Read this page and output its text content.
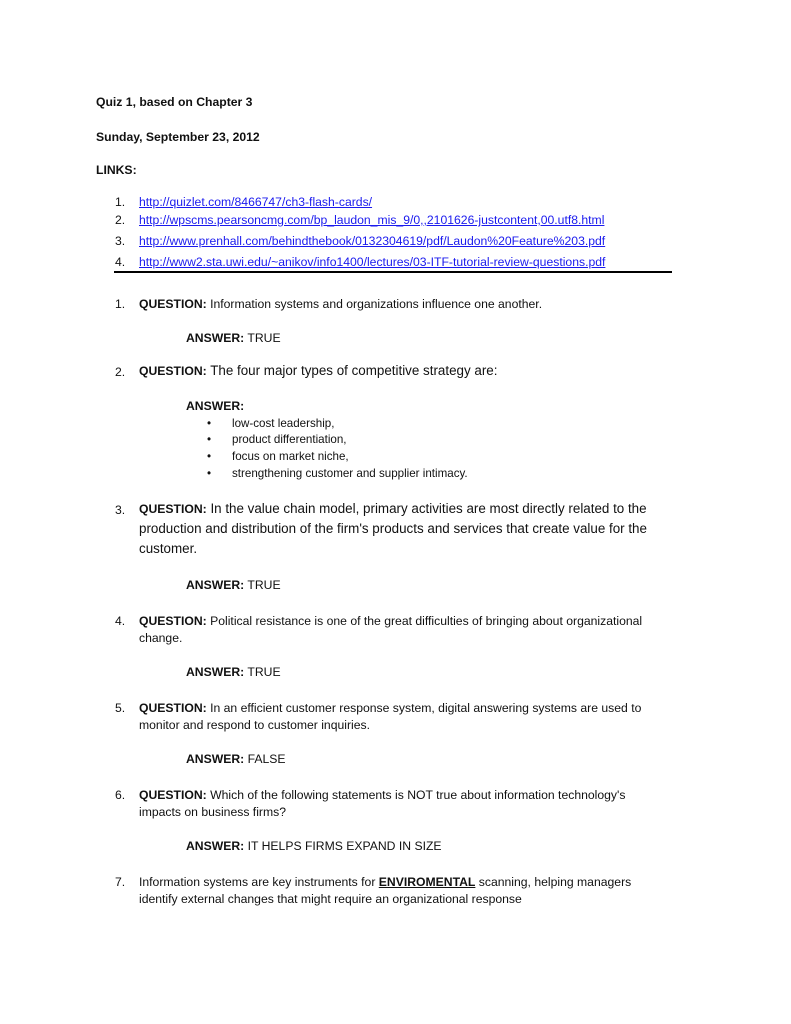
Quiz 1, based on Chapter 3
Sunday, September 23, 2012
LINKS:
1. http://quizlet.com/8466747/ch3-flash-cards/
2. http://wpscms.pearsoncmg.com/bp_laudon_mis_9/0,,2101626-justcontent,00.utf8.html
3. http://www.prenhall.com/behindthebook/0132304619/pdf/Laudon%20Feature%203.pdf
4. http://www2.sta.uwi.edu/~anikov/info1400/lectures/03-ITF-tutorial-review-questions.pdf
1. QUESTION: Information systems and organizations influence one another.
ANSWER: TRUE
2. QUESTION: The four major types of competitive strategy are:
ANSWER:
• low-cost leadership,
• product differentiation,
• focus on market niche,
• strengthening customer and supplier intimacy.
3. QUESTION: In the value chain model, primary activities are most directly related to the
production and distribution of the firm's products and services that create value for the
customer.
ANSWER: TRUE
4. QUESTION: Political resistance is one of the great difficulties of bringing about organizational
change.
ANSWER: TRUE
5. QUESTION: In an efficient customer response system, digital answering systems are used to
monitor and respond to customer inquiries.
ANSWER: FALSE
6. QUESTION: Which of the following statements is NOT true about information technology's
impacts on business firms?
ANSWER: IT HELPS FIRMS EXPAND IN SIZE
7. Information systems are key instruments for ENVIROMENTAL scanning, helping managers
identify external changes that might require an organizational response
